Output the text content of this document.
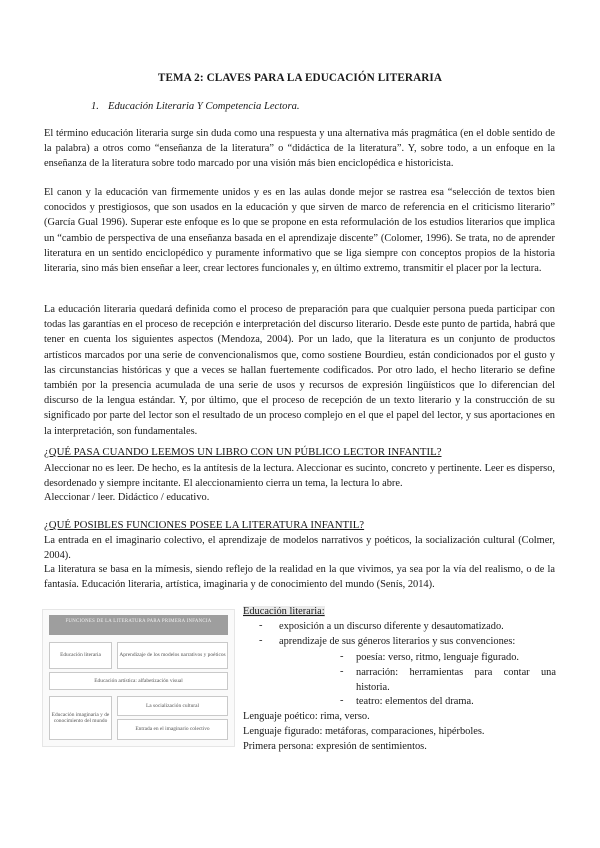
TEMA 2: CLAVES PARA LA EDUCACIÓN LITERARIA
1. Educación Literaria Y Competencia Lectora.

El término educación literaria surge sin duda como una respuesta y una alternativa más pragmática (en el doble sentido de la palabra) a otros como “enseñanza de la literatura” o “didáctica de la literatura”. Y, sobre todo, a un enfoque en la enseñanza de la literatura sobre todo marcado por una visión más bien enciclopédica e historicista.

El canon y la educación van firmemente unidos y es en las aulas donde mejor se rastrea esa “selección de textos bien conocidos y prestigiosos, que son usados en la educación y que sirven de marco de referencia en el criticismo literario” (García Gual 1996). Superar este enfoque es lo que se propone en esta reformulación de los estudios literarios que implica un “cambio de perspectiva de una enseñanza basada en el aprendizaje discente” (Colomer, 1996). Se trata, no de aprender literatura en un sentido enciclopédico y puramente informativo que se liga siempre con conceptos propios de la historia literaria, sino más bien enseñar a leer, crear lectores funcionales y, en último extremo, transmitir el placer por la lectura.

La educación literaria quedará definida como el proceso de preparación para que cualquier persona pueda participar con todas las garantías en el proceso de recepción e interpretación del discurso literario. Desde este punto de partida, habrá que tener en cuenta los siguientes aspectos (Mendoza, 2004). Por un lado, que la literatura es un conjunto de productos artísticos marcados por una serie de convencionalismos que, como sostiene Bourdieu, están condicionados por el gusto y las circunstancias históricas y que a veces se hallan fuertemente codificados. Por otro lado, el hecho literario se define también por la presencia acumulada de una serie de usos y recursos de expresión lingüísticos que lo diferencian del discurso de la lengua estándar. Y, por último, que el proceso de recepción de un texto literario y la construcción de su significado por parte del lector son el resultado de un proceso complejo en el que el papel del lector, y sus aportaciones en la interpretación, son fundamentales.

¿QUÉ PASA CUANDO LEEMOS UN LIBRO CON UN PÚBLICO LECTOR INFANTIL?

Aleccionar no es leer. De hecho, es la antítesis de la lectura. Aleccionar es sucinto, concreto y pertinente. Leer es disperso, desordenado y siempre incitante. El aleccionamiento cierra un tema, la lectura lo abre.

Aleccionar / leer. Didáctico / educativo.

¿QUÉ POSIBLES FUNCIONES POSEE LA LITERATURA INFANTIL?

La entrada en el imaginario colectivo, el aprendizaje de modelos narrativos y poéticos, la socialización cultural (Colmer, 2004).

La literatura se basa en la mímesis, siendo reflejo de la realidad en la que vivimos, ya sea por la vía del realismo, o de la fantasía. Educación literaria, artística, imaginaria y de conocimiento del mundo (Senís, 2014).

FUNCIONES DE LA LITERATURA PARA PRIMERA INFANCIA
Educación literaria	Aprendizaje de los modelos narrativos y poéticos
Educación artística: alfabetización visual
Educación imaginaria y de conocimiento del mundo
La socialización cultural
Entrada en el imaginario colectivo

Educación literaria:

- exposición a un discurso diferente y desautomatizado.

- aprendizaje de sus géneros literarios y sus convenciones:

- poesía: verso, ritmo, lenguaje figurado.

- narración: herramientas para contar una historia.

- teatro: elementos del drama.

Lenguaje poético: rima, verso.

Lenguaje figurado: metáforas, comparaciones, hipérboles.

Primera persona: expresión de sentimientos.
